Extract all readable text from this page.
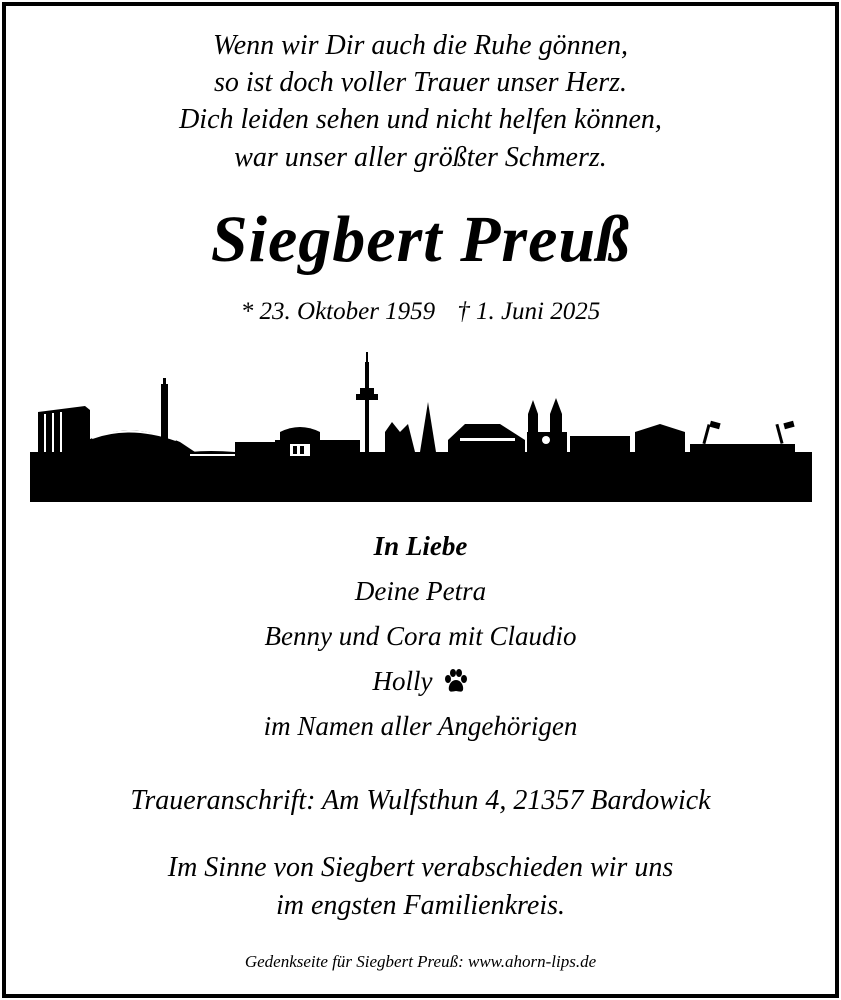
Wenn wir Dir auch die Ruhe gönnen,

so ist doch voller Trauer unser Herz.

Dich leiden sehen und nicht helfen können,

war unser aller größter Schmerz.

Siegbert Preuß

* 23. Oktober 1959 † 1. Juni 2025

In Liebe

Deine Petra

Benny und Cora mit Claudio

Holly

im Namen aller Angehörigen

Traueranschrift: Am Wulfsthun 4, 21357 Bardowick

Im Sinne von Siegbert verabschieden wir uns

im engsten Familienkreis.

Gedenkseite für Siegbert Preuß: www.ahorn-lips.de
